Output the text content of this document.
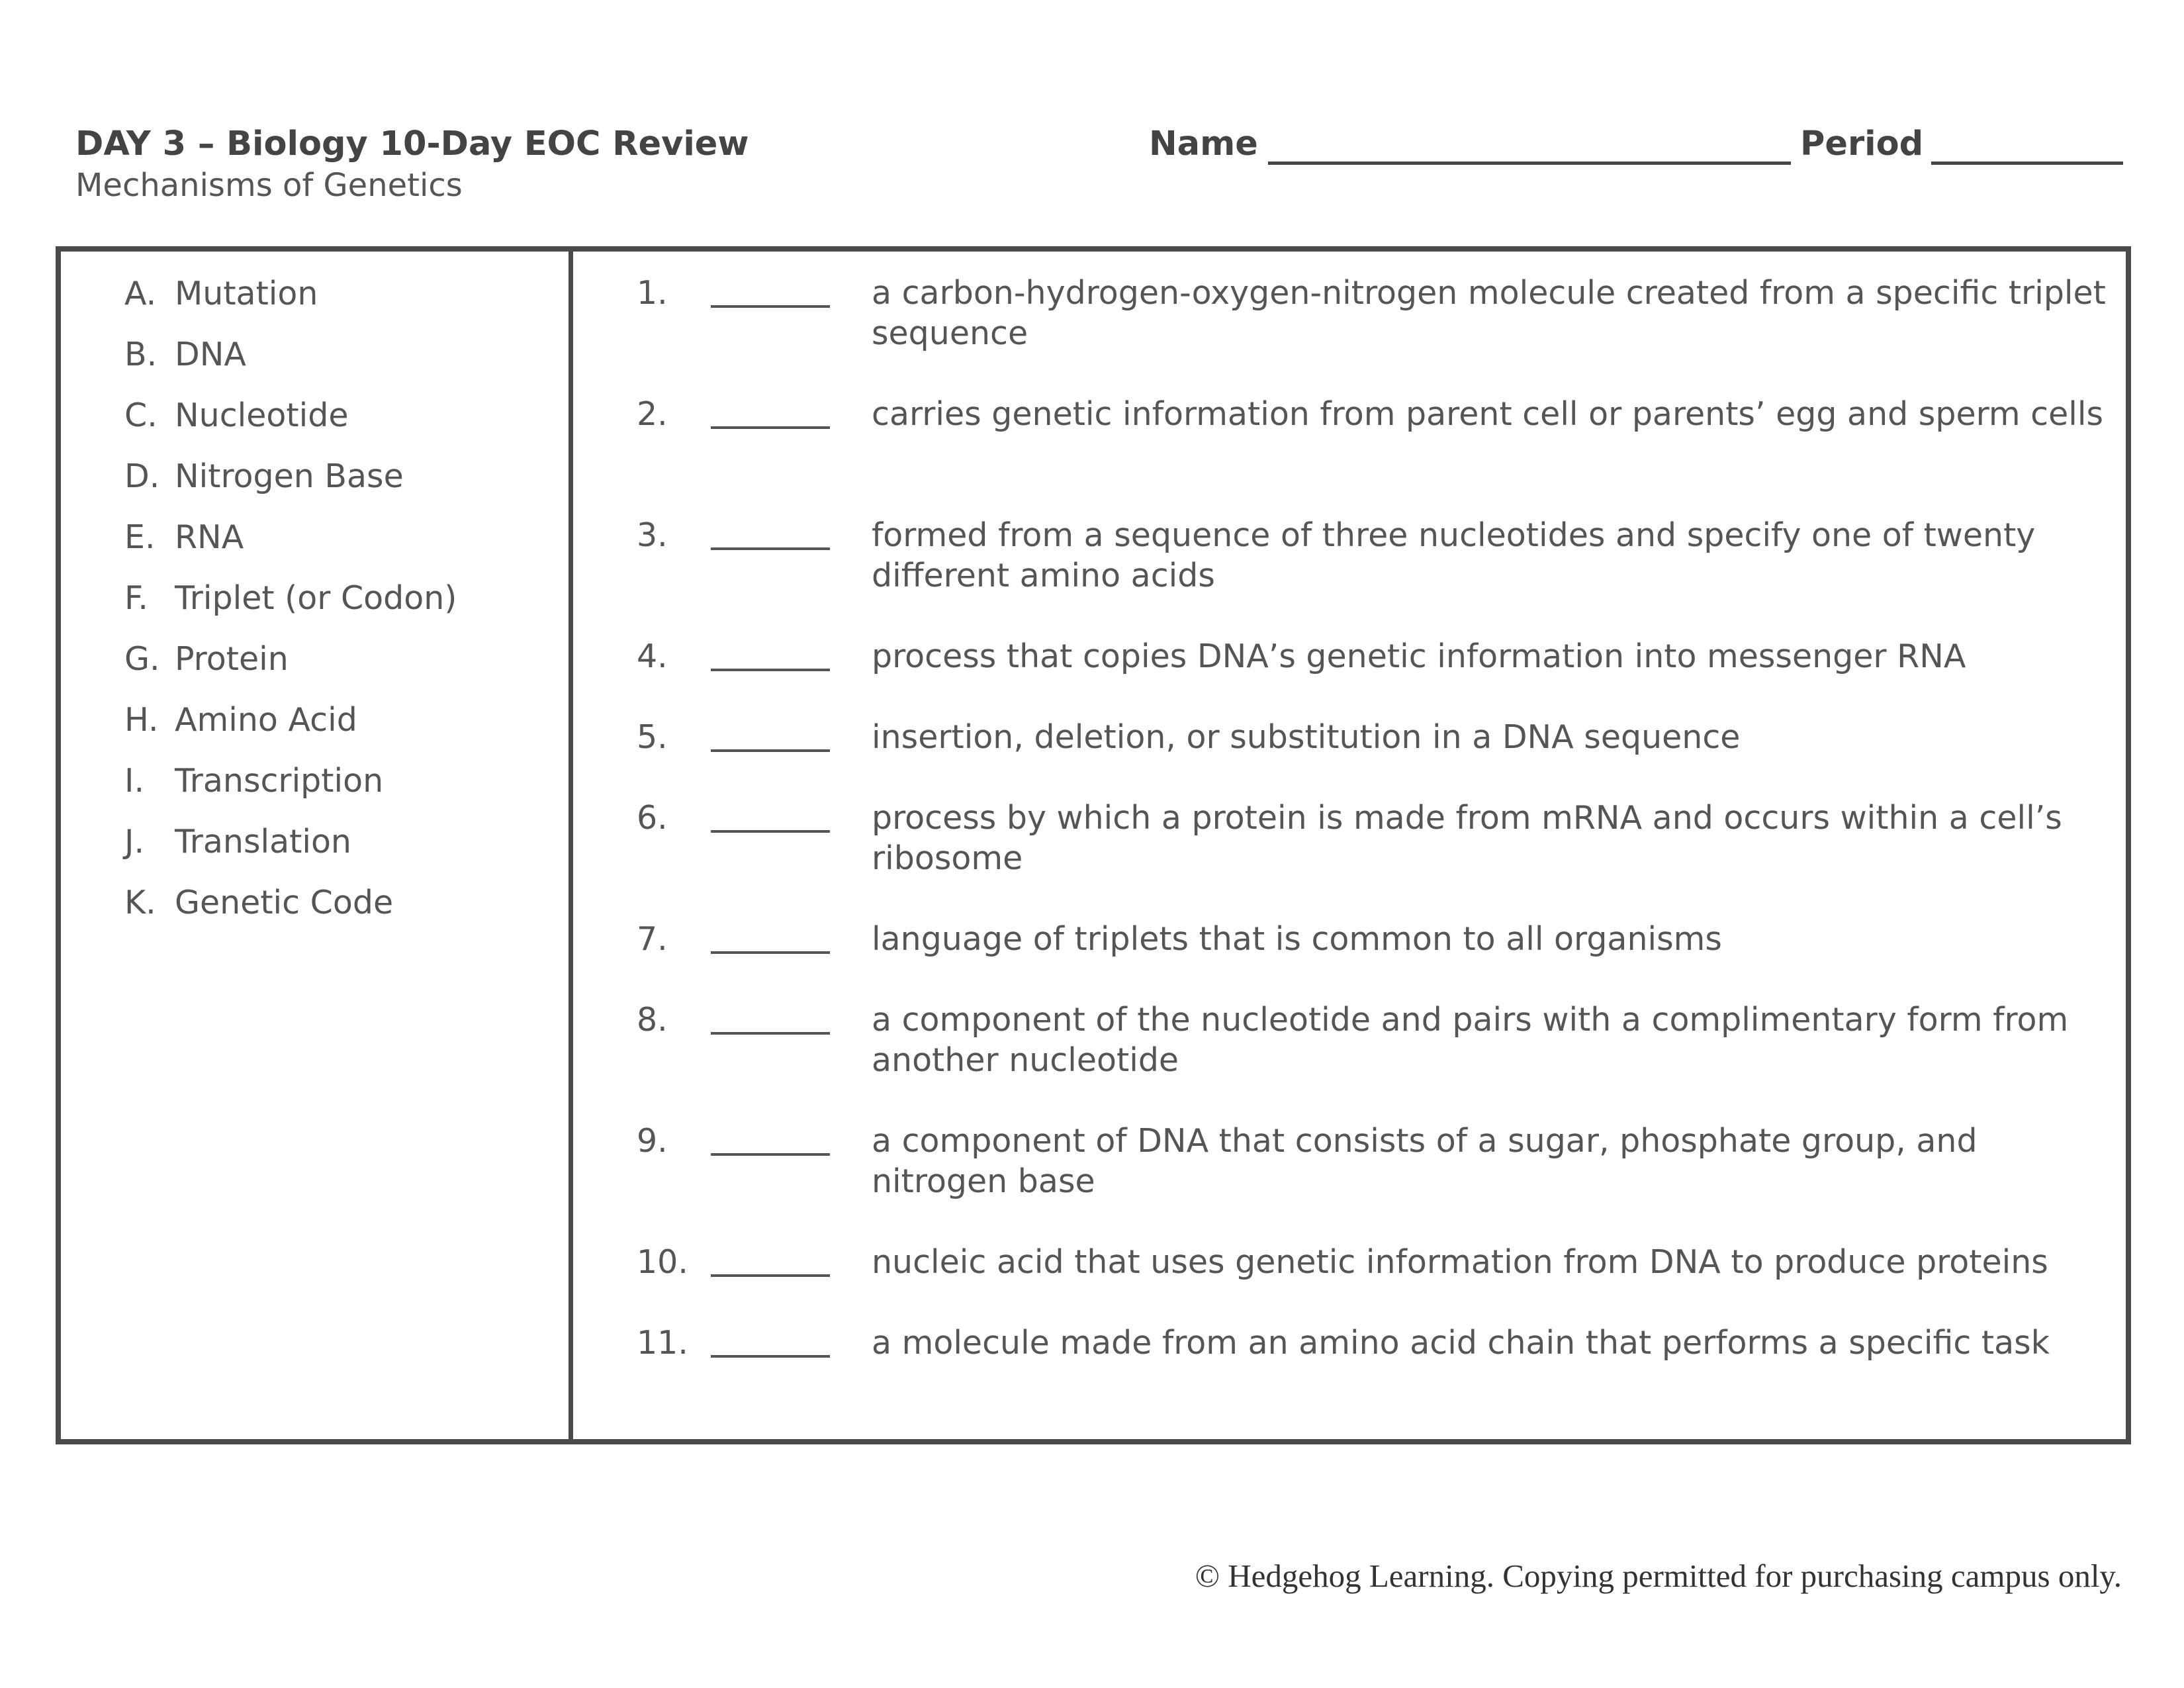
DAY 3 – Biology 10-Day EOC Review
Mechanisms of Genetics
Name	Period
A. Mutation
B. DNA
C. Nucleotide
D. Nitrogen Base
E. RNA
F. Triplet (or Codon)
G. Protein
H. Amino Acid
I. Transcription
J. Translation
K. Genetic Code
1.	a carbon-hydrogen-oxygen-nitrogen molecule created from a specific triplet sequence
2.	carries genetic information from parent cell or parents’ egg and sperm cells
3.	formed from a sequence of three nucleotides and specify one of twenty different amino acids
4.	process that copies DNA’s genetic information into messenger RNA
5.	insertion, deletion, or substitution in a DNA sequence
6.	process by which a protein is made from mRNA and occurs within a cell’s ribosome
7.	language of triplets that is common to all organisms
8.	a component of the nucleotide and pairs with a complimentary form from another nucleotide
9.	a component of DNA that consists of a sugar, phosphate group, and nitrogen base
10.	nucleic acid that uses genetic information from DNA to produce proteins
11.	a molecule made from an amino acid chain that performs a specific task
© Hedgehog Learning. Copying permitted for purchasing campus only.
